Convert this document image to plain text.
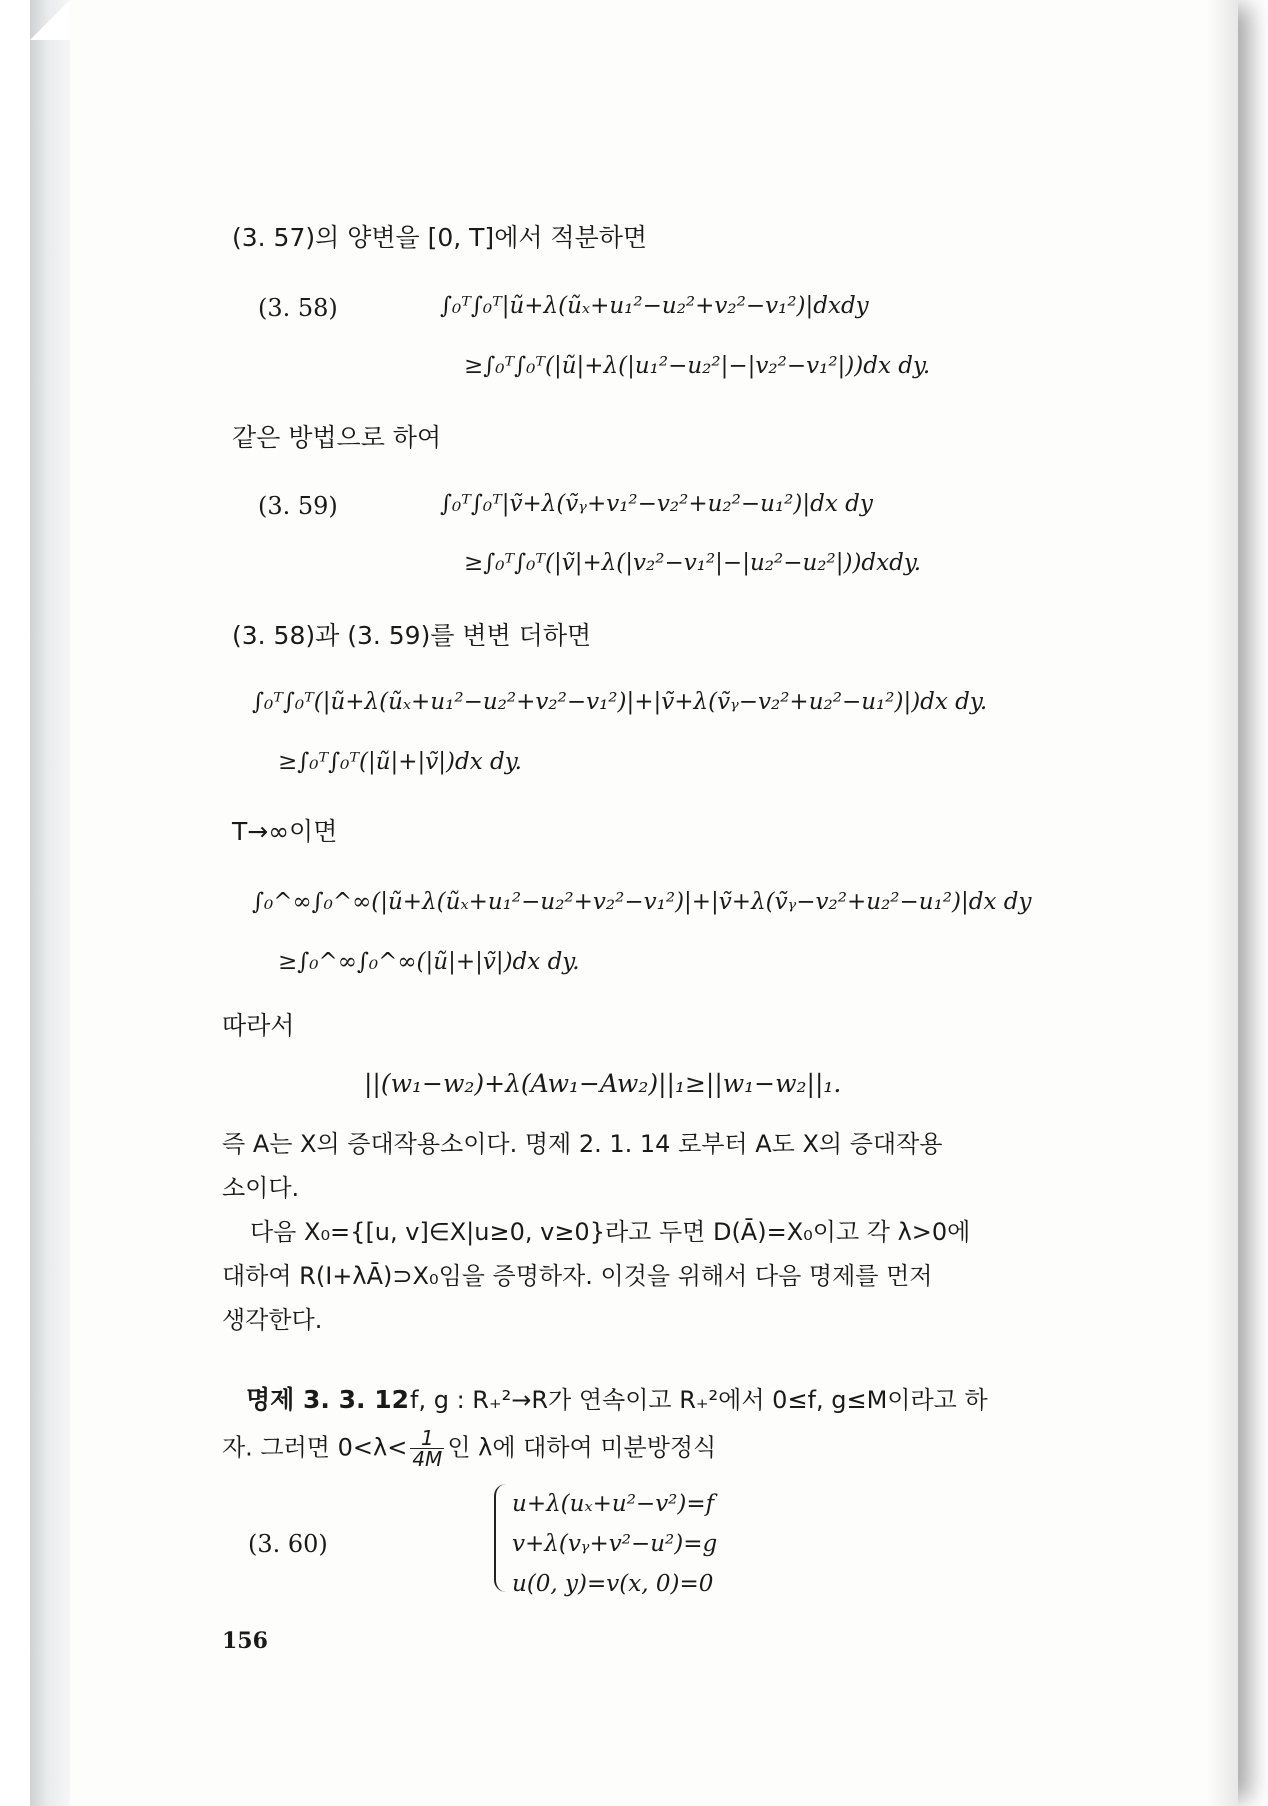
(3. 57)의 양변을 [0, T]에서 적분하면
(3. 58)	∫₀ᵀ∫₀ᵀ|ũ+λ(ũₓ+u₁²−u₂²+v₂²−v₁²)|dxdy
≥∫₀ᵀ∫₀ᵀ(|ũ|+λ(|u₁²−u₂²|−|v₂²−v₁²|))dx dy.
같은 방법으로 하여
(3. 59)	∫₀ᵀ∫₀ᵀ|ṽ+λ(ṽᵧ+v₁²−v₂²+u₂²−u₁²)|dx dy
≥∫₀ᵀ∫₀ᵀ(|ṽ|+λ(|v₂²−v₁²|−|u₂²−u₂²|))dxdy.
(3. 58)과 (3. 59)를 변변 더하면
∫₀ᵀ∫₀ᵀ(|ũ+λ(ũₓ+u₁²−u₂²+v₂²−v₁²)|+|ṽ+λ(ṽᵧ−v₂²+u₂²−u₁²)|)dx dy.
≥∫₀ᵀ∫₀ᵀ(|ũ|+|ṽ|)dx dy.
T→∞이면
∫₀^∞∫₀^∞(|ũ+λ(ũₓ+u₁²−u₂²+v₂²−v₁²)|+|ṽ+λ(ṽᵧ−v₂²+u₂²−u₁²)|dx dy
≥∫₀^∞∫₀^∞(|ũ|+|ṽ|)dx dy.
따라서
||(w₁−w₂)+λ(Aw₁−Aw₂)||₁≥||w₁−w₂||₁.
즉 A는 X의 증대작용소이다. 명제 2. 1. 14 로부터 A도 X의 증대작용
소이다.
다음 X₀={[u, v]∈X|u≥0, v≥0}라고 두면 D(Ā)=X₀이고 각 λ>0에
대하여 R(I+λĀ)⊃X₀임을 증명하자. 이것을 위해서 다음 명제를 먼저
생각한다.
명제 3. 3. 12 f, g : R₊²→R가 연속이고 R₊²에서 0≤f, g≤M이라고 하
자. 그러면 $0<\lambda< \frac{1}{4M}$ 인 λ에 대하여 미분방정식
(3. 60)
u+λ(uₓ+u²−v²)=f
v+λ(vᵧ+v²−u²)=g
u(0, y)=v(x, 0)=0
156
